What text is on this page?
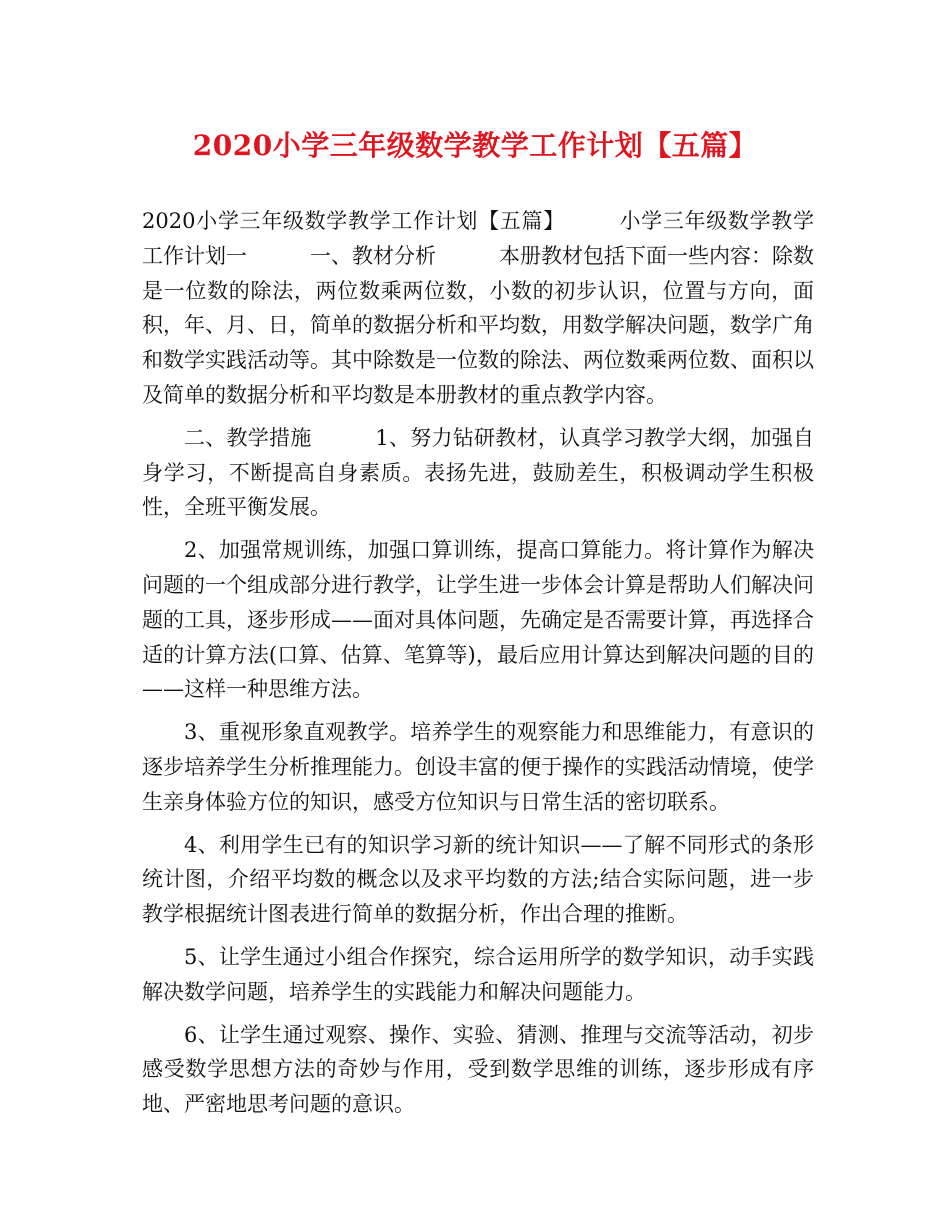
2020小学三年级数学教学工作计划【五篇】

2020小学三年级数学教学工作计划【五篇】　　　小学三年级数学教学工作计划一　　　一、教材分析　　　本册教材包括下面一些内容：除数是一位数的除法，两位数乘两位数，小数的初步认识，位置与方向，面积，年、月、日，简单的数据分析和平均数，用数学解决问题，数学广角和数学实践活动等。其中除数是一位数的除法、两位数乘两位数、面积以及简单的数据分析和平均数是本册教材的重点教学内容。

二、教学措施　　　1、努力钻研教材，认真学习教学大纲，加强自身学习，不断提高自身素质。表扬先进，鼓励差生，积极调动学生积极性，全班平衡发展。

2、加强常规训练，加强口算训练，提高口算能力。将计算作为解决问题的一个组成部分进行教学，让学生进一步体会计算是帮助人们解决问题的工具，逐步形成——面对具体问题，先确定是否需要计算，再选择合适的计算方法(口算、估算、笔算等)，最后应用计算达到解决问题的目的——这样一种思维方法。

3、重视形象直观教学。培养学生的观察能力和思维能力，有意识的逐步培养学生分析推理能力。创设丰富的便于操作的实践活动情境，使学生亲身体验方位的知识，感受方位知识与日常生活的密切联系。

4、利用学生已有的知识学习新的统计知识——了解不同形式的条形统计图，介绍平均数的概念以及求平均数的方法;结合实际问题，进一步教学根据统计图表进行简单的数据分析，作出合理的推断。

5、让学生通过小组合作探究，综合运用所学的数学知识，动手实践解决数学问题，培养学生的实践能力和解决问题能力。

6、让学生通过观察、操作、实验、猜测、推理与交流等活动，初步感受数学思想方法的奇妙与作用，受到数学思维的训练，逐步形成有序地、严密地思考问题的意识。
